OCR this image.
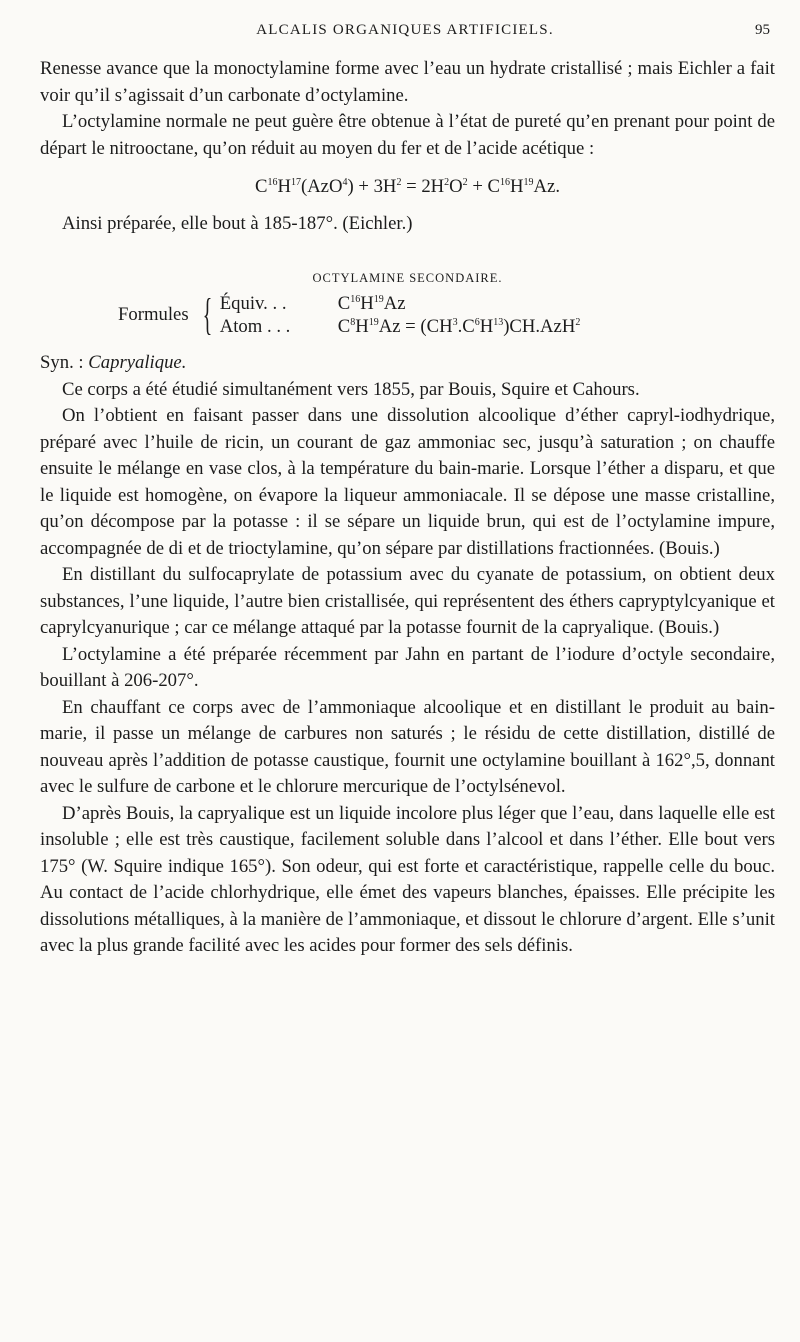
ALCALIS ORGANIQUES ARTIFICIELS.	95

Renesse avance que la monoctylamine forme avec l’eau un hydrate cristallisé ; mais Eichler a fait voir qu’il s’agissait d’un carbonate d’octylamine.

L’octylamine normale ne peut guère être obtenue à l’état de pureté qu’en prenant pour point de départ le nitrooctane, qu’on réduit au moyen du fer et de l’acide acétique :

$C^{16}H^{17}(AzO^4) + 3H^2 = 2H^2O^2 + C^{16}H^{19}Az$.

Ainsi préparée, elle bout à 185-187°. (Eichler.)

OCTYLAMINE SECONDAIRE.
Formules { Équiv. . .	$C^{16}H^{19}Az$
Atom . . .	$C^8H^{19}Az = (CH^3.C^6H^{13})CH.AzH^2$

Syn. : Capryalique.

Ce corps a été étudié simultanément vers 1855, par Bouis, Squire et Cahours.

On l’obtient en faisant passer dans une dissolution alcoolique d’éther capryl-iodhydrique, préparé avec l’huile de ricin, un courant de gaz ammoniac sec, jusqu’à saturation ; on chauffe ensuite le mélange en vase clos, à la température du bain-marie. Lorsque l’éther a disparu, et que le liquide est homogène, on évapore la liqueur ammoniacale. Il se dépose une masse cristalline, qu’on décompose par la potasse : il se sépare un liquide brun, qui est de l’octylamine impure, accompagnée de di et de trioctylamine, qu’on sépare par distillations fractionnées. (Bouis.)

En distillant du sulfocaprylate de potassium avec du cyanate de potassium, on obtient deux substances, l’une liquide, l’autre bien cristallisée, qui représentent des éthers capryptylcyanique et caprylcyanurique ; car ce mélange attaqué par la potasse fournit de la capryalique. (Bouis.)

L’octylamine a été préparée récemment par Jahn en partant de l’iodure d’octyle secondaire, bouillant à 206-207°.

En chauffant ce corps avec de l’ammoniaque alcoolique et en distillant le produit au bain-marie, il passe un mélange de carbures non saturés ; le résidu de cette distillation, distillé de nouveau après l’addition de potasse caustique, fournit une octylamine bouillant à 162°,5, donnant avec le sulfure de carbone et le chlorure mercurique de l’octylsénevol.

D’après Bouis, la capryalique est un liquide incolore plus léger que l’eau, dans laquelle elle est insoluble ; elle est très caustique, facilement soluble dans l’alcool et dans l’éther. Elle bout vers 175° (W. Squire indique 165°). Son odeur, qui est forte et caractéristique, rappelle celle du bouc. Au contact de l’acide chlorhydrique, elle émet des vapeurs blanches, épaisses. Elle précipite les dissolutions métalliques, à la manière de l’ammoniaque, et dissout le chlorure d’argent. Elle s’unit avec la plus grande facilité avec les acides pour former des sels définis.
